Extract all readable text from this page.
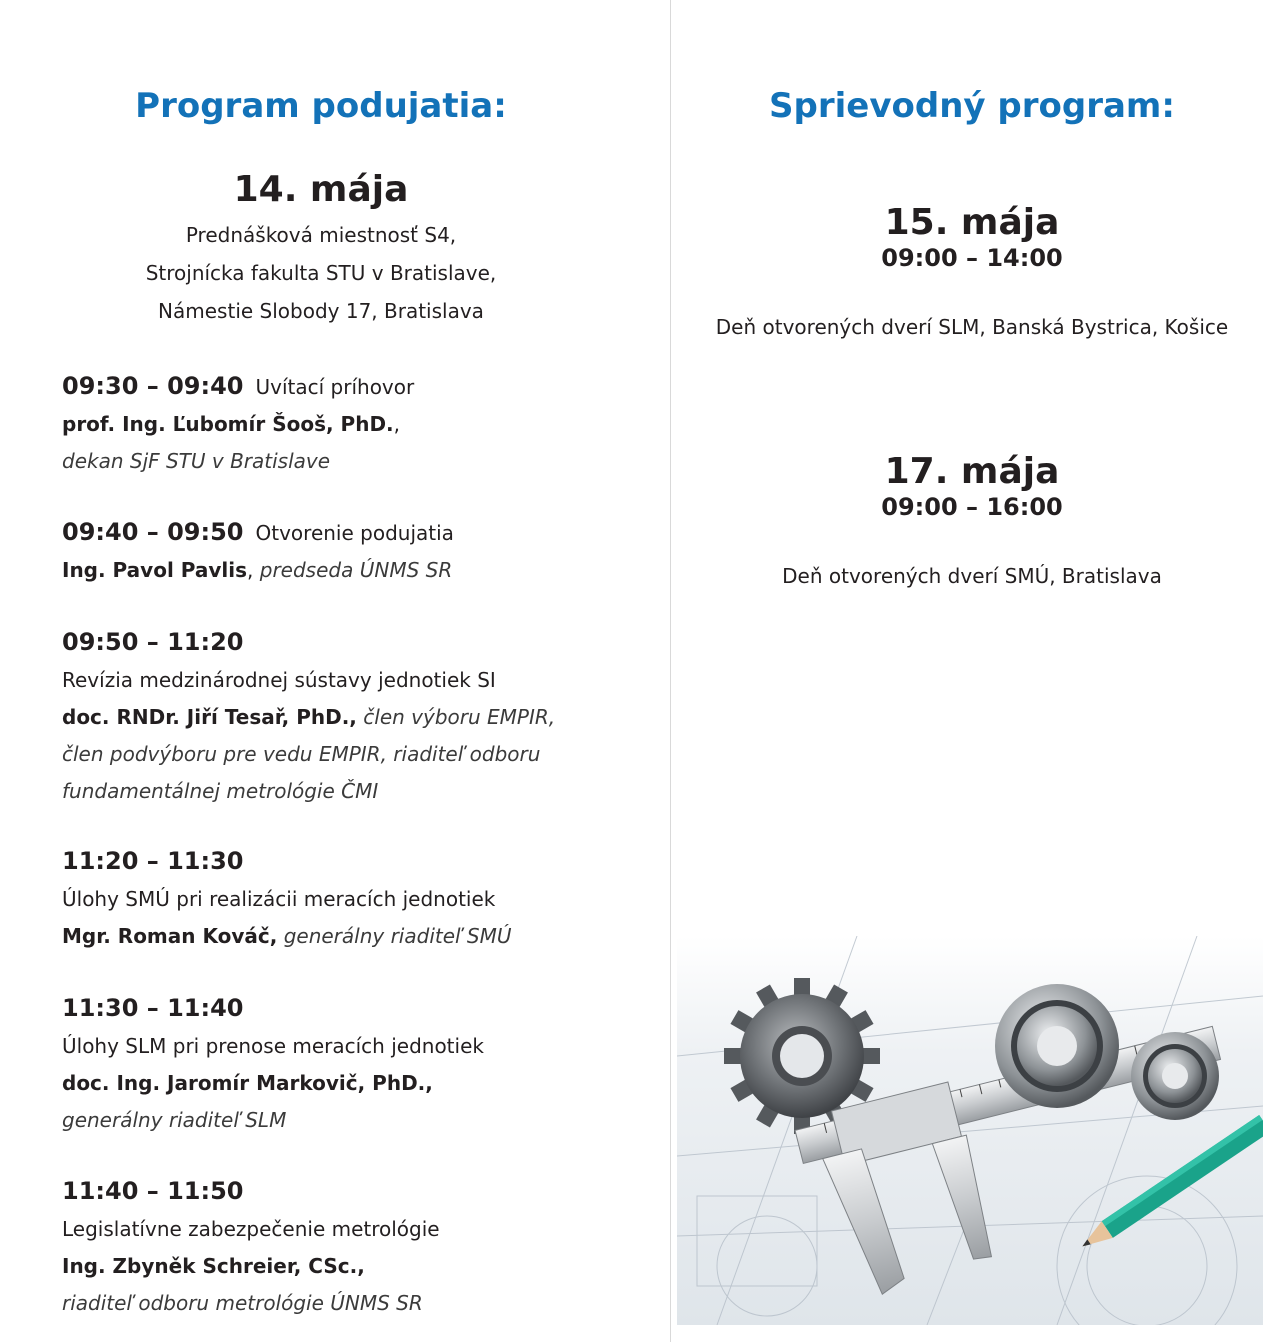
Program podujatia:
14. mája
Prednášková miestnosť S4,
Strojnícka fakulta STU v Bratislave,
Námestie Slobody 17, Bratislava
09:30 – 09:40 Uvítací príhovor
prof. Ing. Ľubomír Šooš, PhD.,
dekan SjF STU v Bratislave
09:40 – 09:50 Otvorenie podujatia
Ing. Pavol Pavlis, predseda ÚNMS SR
09:50 – 11:20
Revízia medzinárodnej sústavy jednotiek SI
doc. RNDr. Jiří Tesař, PhD., člen výboru EMPIR,
člen podvýboru pre vedu EMPIR, riaditeľ odboru
fundamentálnej metrológie ČMI
11:20 – 11:30
Úlohy SMÚ pri realizácii meracích jednotiek
Mgr. Roman Kováč, generálny riaditeľ SMÚ
11:30 – 11:40
Úlohy SLM pri prenose meracích jednotiek
doc. Ing. Jaromír Markovič, PhD.,
generálny riaditeľ SLM
11:40 – 11:50
Legislatívne zabezpečenie metrológie
Ing. Zbyněk Schreier, CSc.,
riaditeľ odboru metrológie ÚNMS SR
Sprievodný program:
15. mája
09:00 – 14:00
Deň otvorených dverí SLM, Banská Bystrica, Košice
17. mája
09:00 – 16:00
Deň otvorených dverí SMÚ, Bratislava
